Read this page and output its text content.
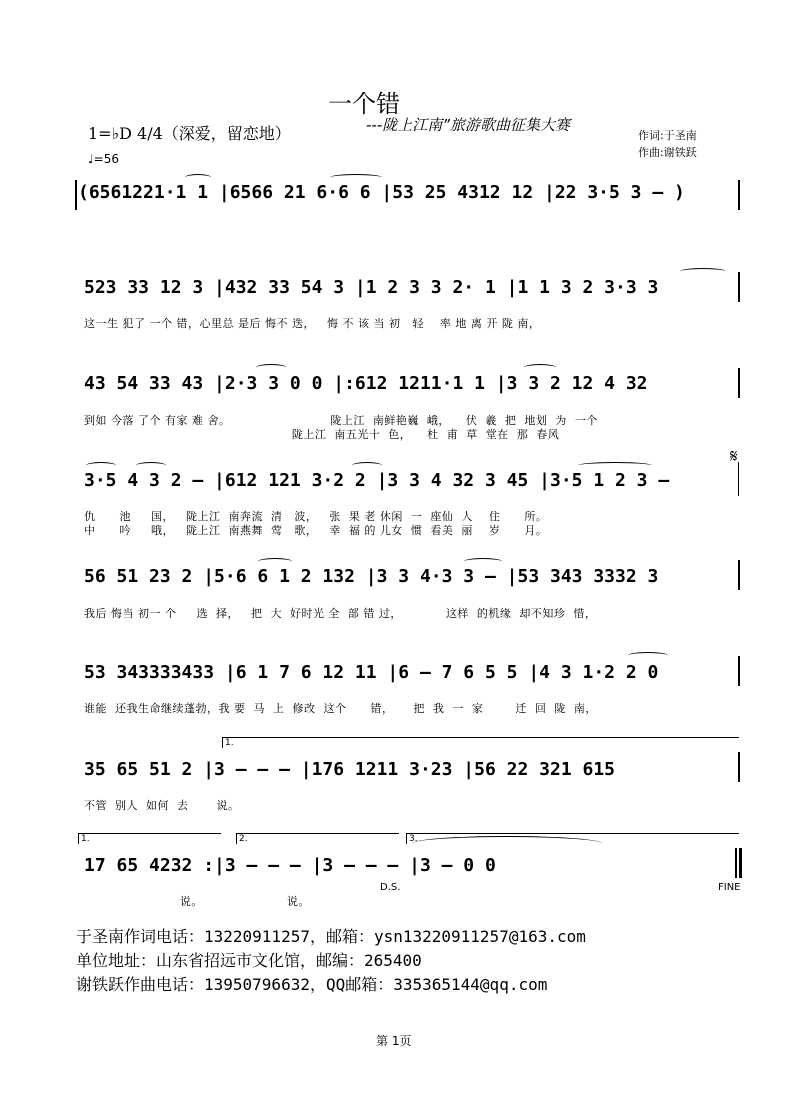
一个错
---陇上江南”旅游歌曲征集大赛
1=♭D 4/4（深爱，留恋地）
♩=56
作词:于圣南
作曲:谢铁跃
(6561221·1 1 |6566 21 6·6 6 |53 25 4312 12 |22 3·5 3 – )
523 33 12 3 |432 33 54 3 |1 2 3 3 2· 1 |1 1 3 2 3·3 3
这一生 犯了 一个 错，心里总 是后 悔不 迭，   悔 不 该 当 初   轻    率 地 离 开 陇 南，
43 54 33 43 |2·3 3 0 0 |:612 1211·1 1 |3 3 2 12 4 32
到如 今落 了个 有家 难 舍。                         陇上江  南鲜艳巍  峨，    伏  羲  把  地划  为  一个
陇上江  南五光十  色，    杜  甫  草  堂在  那  春风
3·5 4 3 2 – |612 121 3·2 2 |3 3 4 32 3 45 |3·5 1 2 3 –
仇      池     国，   陇上江  南奔流  清   波，   张  果 老 休闲  一  座仙  人    住      所。
中      吟     哦，   陇上江  南燕舞  莺   歌，   幸  福 的 儿女  惯  看美  丽    岁      月。
𝄋
56 51 23 2 |5·6 6 1 2 132 |3 3 4·3 3 – |53 343 3332 3
我后 悔当 初一 个     选  择，   把  大  好时光 全  部 错 过，           这样  的机缘  却不知珍  惜，
53 343333433 |6 1 7 6 12 11 |6 – 7 6 5 5 |4 3 1·2 2 0
谁能  还我生命继续蓬勃，我 要  马  上  修改  这个      错，     把  我  一  家        迁  回  陇  南，
1.
35 65 51 2 |3 – – – |176 1211 3·23 |56 22 321 615
不管  别人  如何  去       说。
1.	2.	3.
17 65 4232 :|3 – – – |3 – – – |3 – 0 0
说。                     说。
D.S.	FINE
于圣南作词电话：13220911257，邮箱：ysn13220911257@163.com
单位地址：山东省招远市文化馆，邮编：265400
谢铁跃作曲电话：13950796632，QQ邮箱：335365144@qq.com
第 1页
